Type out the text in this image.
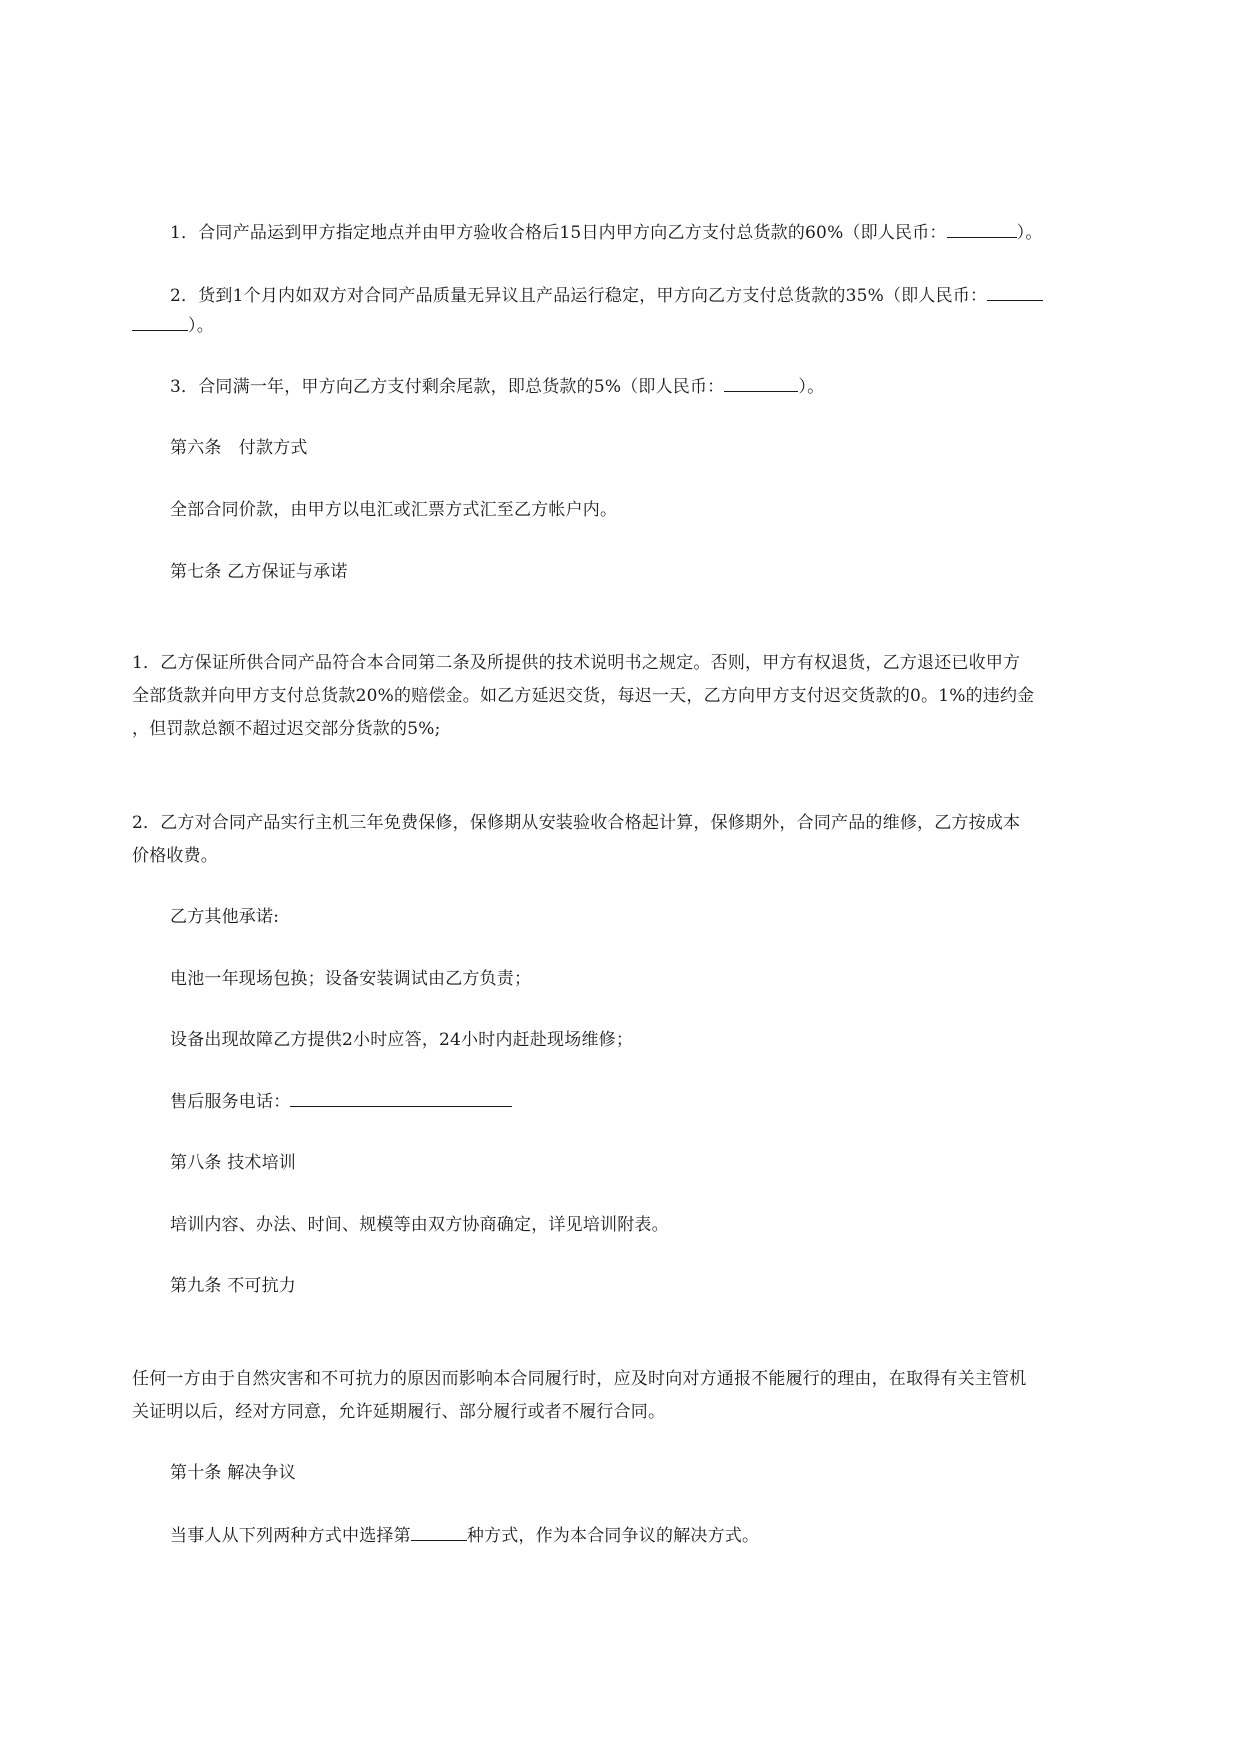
1．合同产品运到甲方指定地点并由甲方验收合格后15日内甲方向乙方支付总货款的60%（即人民币：	）。
2．货到1个月内如双方对合同产品质量无异议且产品运行稳定，甲方向乙方支付总货款的35%（即人民币：
）。
3．合同满一年，甲方向乙方支付剩余尾款，即总货款的5%（即人民币：	）。
第六条　付款方式
全部合同价款，由甲方以电汇或汇票方式汇至乙方帐户内。
第七条 乙方保证与承诺
1．乙方保证所供合同产品符合本合同第二条及所提供的技术说明书之规定。否则，甲方有权退货，乙方退还已收甲方
全部货款并向甲方支付总货款20%的赔偿金。如乙方延迟交货，每迟一天，乙方向甲方支付迟交货款的0。1%的违约金
，但罚款总额不超过迟交部分货款的5%;
2．乙方对合同产品实行主机三年免费保修，保修期从安装验收合格起计算，保修期外，合同产品的维修，乙方按成本
价格收费。
乙方其他承诺:
电池一年现场包换；设备安装调试由乙方负责；
设备出现故障乙方提供2小时应答，24小时内赶赴现场维修；
售后服务电话：
第八条 技术培训
培训内容、办法、时间、规模等由双方协商确定，详见培训附表。
第九条 不可抗力
任何一方由于自然灾害和不可抗力的原因而影响本合同履行时，应及时向对方通报不能履行的理由，在取得有关主管机
关证明以后，经对方同意，允许延期履行、部分履行或者不履行合同。
第十条 解决争议
当事人从下列两种方式中选择第	种方式，作为本合同争议的解决方式。
